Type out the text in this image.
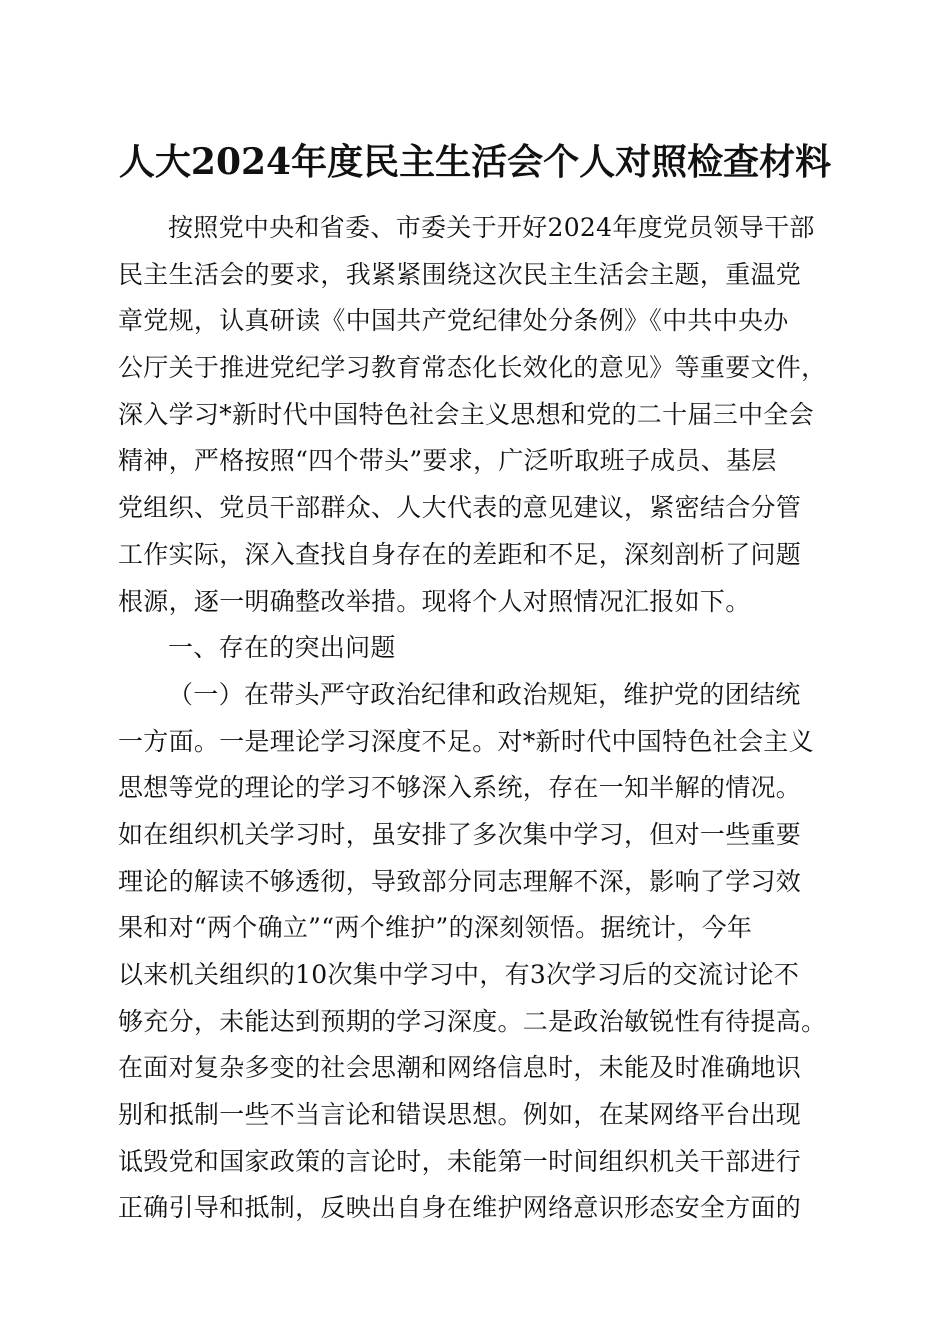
人大2024年度民主生活会个人对照检查材料
按照党中央和省委、市委关于开好2024年度党员领导干部
民主生活会的要求，我紧紧围绕这次民主生活会主题，重温党
章党规，认真研读《中国共产党纪律处分条例》《中共中央办
公厅关于推进党纪学习教育常态化长效化的意见》等重要文件，
深入学习*新时代中国特色社会主义思想和党的二十届三中全会
精神，严格按照“四个带头”要求，广泛听取班子成员、基层
党组织、党员干部群众、人大代表的意见建议，紧密结合分管
工作实际，深入查找自身存在的差距和不足，深刻剖析了问题
根源，逐一明确整改举措。现将个人对照情况汇报如下。
一、存在的突出问题
（一）在带头严守政治纪律和政治规矩，维护党的团结统
一方面。一是理论学习深度不足。对*新时代中国特色社会主义
思想等党的理论的学习不够深入系统，存在一知半解的情况。
如在组织机关学习时，虽安排了多次集中学习，但对一些重要
理论的解读不够透彻，导致部分同志理解不深，影响了学习效
果和对“两个确立”“两个维护”的深刻领悟。据统计，今年
以来机关组织的10次集中学习中，有3次学习后的交流讨论不
够充分，未能达到预期的学习深度。二是政治敏锐性有待提高。
在面对复杂多变的社会思潮和网络信息时，未能及时准确地识
别和抵制一些不当言论和错误思想。例如，在某网络平台出现
诋毁党和国家政策的言论时，未能第一时间组织机关干部进行
正确引导和抵制，反映出自身在维护网络意识形态安全方面的
